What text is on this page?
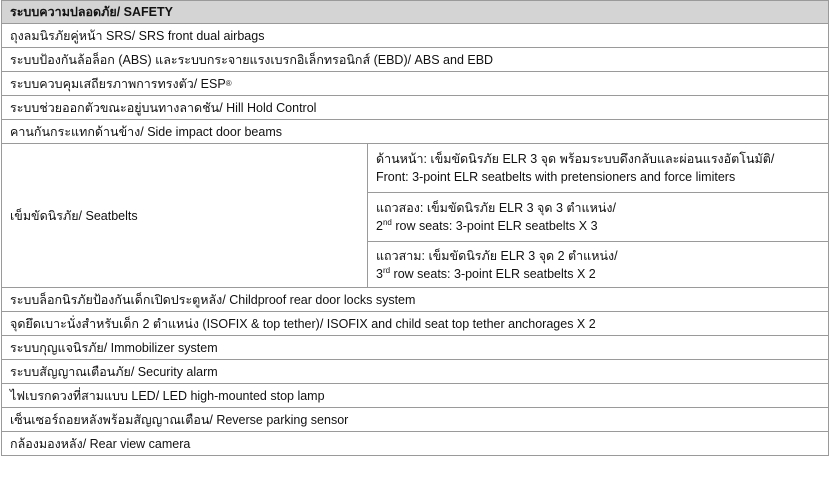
ระบบความปลอดภัย/ SAFETY
ถุงลมนิรภัยคู่หน้า SRS/ SRS front dual airbags
ระบบป้องกันล้อล็อก (ABS) และระบบกระจายแรงเบรกอิเล็กทรอนิกส์ (EBD)/ ABS and EBD
ระบบควบคุมเสถียรภาพการทรงตัว/ ESP ®
ระบบช่วยออกตัวขณะอยู่บนทางลาดชัน/ Hill Hold Control
คานกันกระแทกด้านข้าง/ Side impact door beams
เข็มขัดนิรภัย/ Seatbelts
ด้านหน้า: เข็มขัดนิรภัย ELR 3 จุด พร้อมระบบดึงกลับและผ่อนแรงอัตโนมัติ/
Front: 3-point ELR seatbelts with pretensioners and force limiters
แถวสอง: เข็มขัดนิรภัย ELR 3 จุด 3 ตำแหน่ง/
2nd row seats: 3-point ELR seatbelts X 3
แถวสาม: เข็มขัดนิรภัย ELR 3 จุด 2 ตำแหน่ง/
3rd row seats: 3-point ELR seatbelts X 2
ระบบล็อกนิรภัยป้องกันเด็กเปิดประตูหลัง/ Childproof rear door locks system
จุดยึดเบาะนั่งสำหรับเด็ก 2 ตำแหน่ง (ISOFIX & top tether)/ ISOFIX and child seat top tether anchorages X 2
ระบบกุญแจนิรภัย/ Immobilizer system
ระบบสัญญาณเตือนภัย/ Security alarm
ไฟเบรกดวงที่สามแบบ LED/ LED high-mounted stop lamp
เซ็นเซอร์ถอยหลังพร้อมสัญญาณเตือน/ Reverse parking sensor
กล้องมองหลัง/ Rear view camera
